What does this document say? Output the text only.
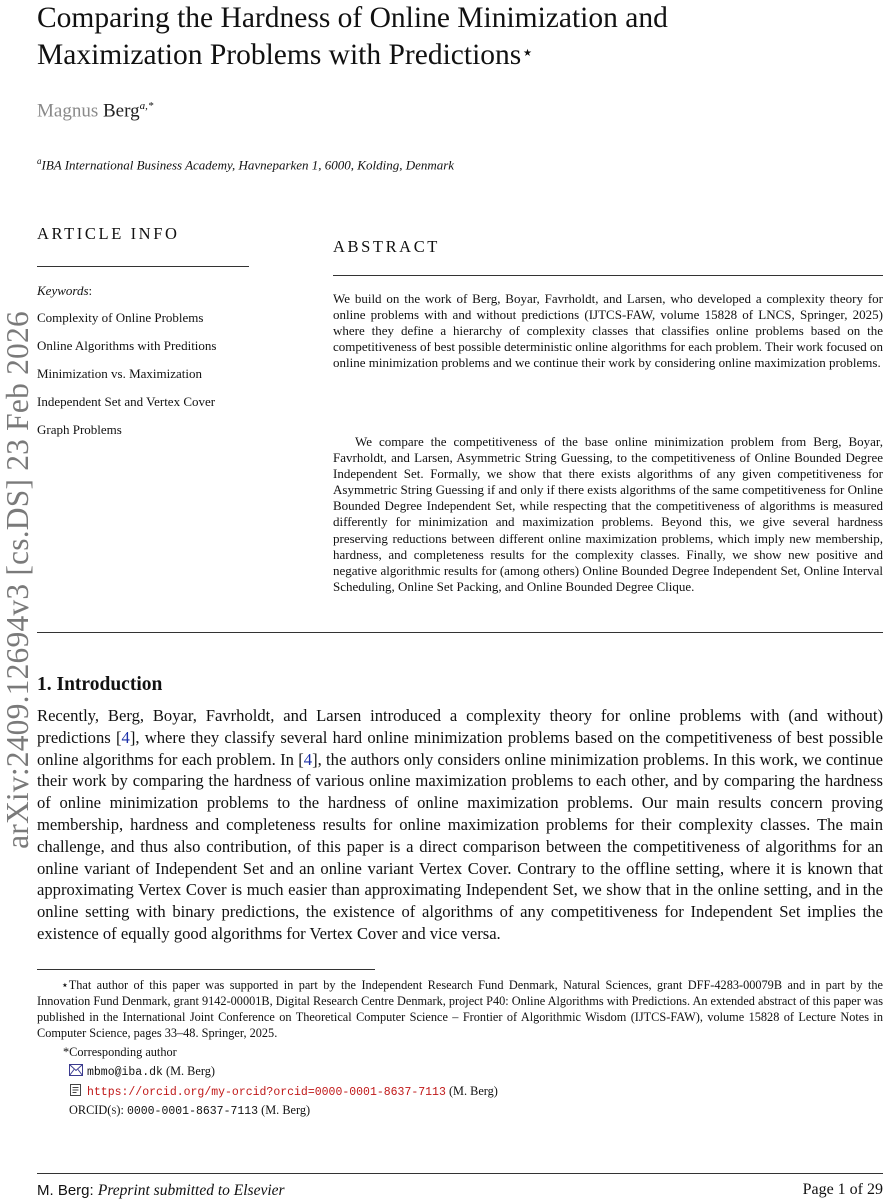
arXiv:2409.12694v3 [cs.DS] 23 Feb 2026
Comparing the Hardness of Online Minimization and
Maximization Problems with Predictions⋆
Magnus Berg$^{a,*}$
$^a$IBA International Business Academy, Havneparken 1, 6000, Kolding, Denmark
ARTICLE INFO
Keywords:
Complexity of Online Problems
Online Algorithms with Preditions
Minimization vs. Maximization
Independent Set and Vertex Cover
Graph Problems
ABSTRACT

We build on the work of Berg, Boyar, Favrholdt, and Larsen, who developed a complexity theory for online problems with and without predictions (IJTCS-FAW, volume 15828 of LNCS, Springer, 2025) where they define a hierarchy of complexity classes that classifies online problems based on the competitiveness of best possible deterministic online algorithms for each problem. Their work focused on online minimization problems and we continue their work by considering online maximization problems.

We compare the competitiveness of the base online minimization problem from Berg, Boyar, Favrholdt, and Larsen, Asymmetric String Guessing, to the competitiveness of Online Bounded Degree Independent Set. Formally, we show that there exists algorithms of any given competitiveness for Asymmetric String Guessing if and only if there exists algorithms of the same competitiveness for Online Bounded Degree Independent Set, while respecting that the competitiveness of algorithms is measured differently for minimization and maximization problems. Beyond this, we give several hardness preserving reductions between different online maximization problems, which imply new membership, hardness, and completeness results for the complexity classes. Finally, we show new positive and negative algorithmic results for (among others) Online Bounded Degree Independent Set, Online Interval Scheduling, Online Set Packing, and Online Bounded Degree Clique.

1. Introduction

Recently, Berg, Boyar, Favrholdt, and Larsen introduced a complexity theory for online problems with (and without) predictions [4], where they classify several hard online minimization problems based on the competitiveness of best possible online algorithms for each problem. In [4], the authors only considers online minimization problems. In this work, we continue their work by comparing the hardness of various online maximization problems to each other, and by comparing the hardness of online minimization problems to the hardness of online maximization problems. Our main results concern proving membership, hardness and completeness results for online maximization problems for their complexity classes. The main challenge, and thus also contribution, of this paper is a direct comparison between the competitiveness of algorithms for an online variant of Independent Set and an online variant Vertex Cover. Contrary to the offline setting, where it is known that approximating Vertex Cover is much easier than approximating Independent Set, we show that in the online setting, and in the online setting with binary predictions, the existence of algorithms of any competitiveness for Independent Set implies the existence of equally good algorithms for Vertex Cover and vice versa.

⋆That author of this paper was supported in part by the Independent Research Fund Denmark, Natural Sciences, grant DFF-4283-00079B and in part by the Innovation Fund Denmark, grant 9142-00001B, Digital Research Centre Denmark, project P40: Online Algorithms with Predictions. An extended abstract of this paper was published in the International Joint Conference on Theoretical Computer Science – Frontier of Algorithmic Wisdom (IJTCS-FAW), volume 15828 of Lecture Notes in Computer Science, pages 33–48. Springer, 2025.

*Corresponding author
mbmo@iba.dk (M. Berg)
https://orcid.org/my-orcid?orcid=0000-0001-8637-7113 (M. Berg)
ORCID(s): 0000-0001-8637-7113 (M. Berg)
M. Berg: Preprint submitted to Elsevier	Page 1 of 29
